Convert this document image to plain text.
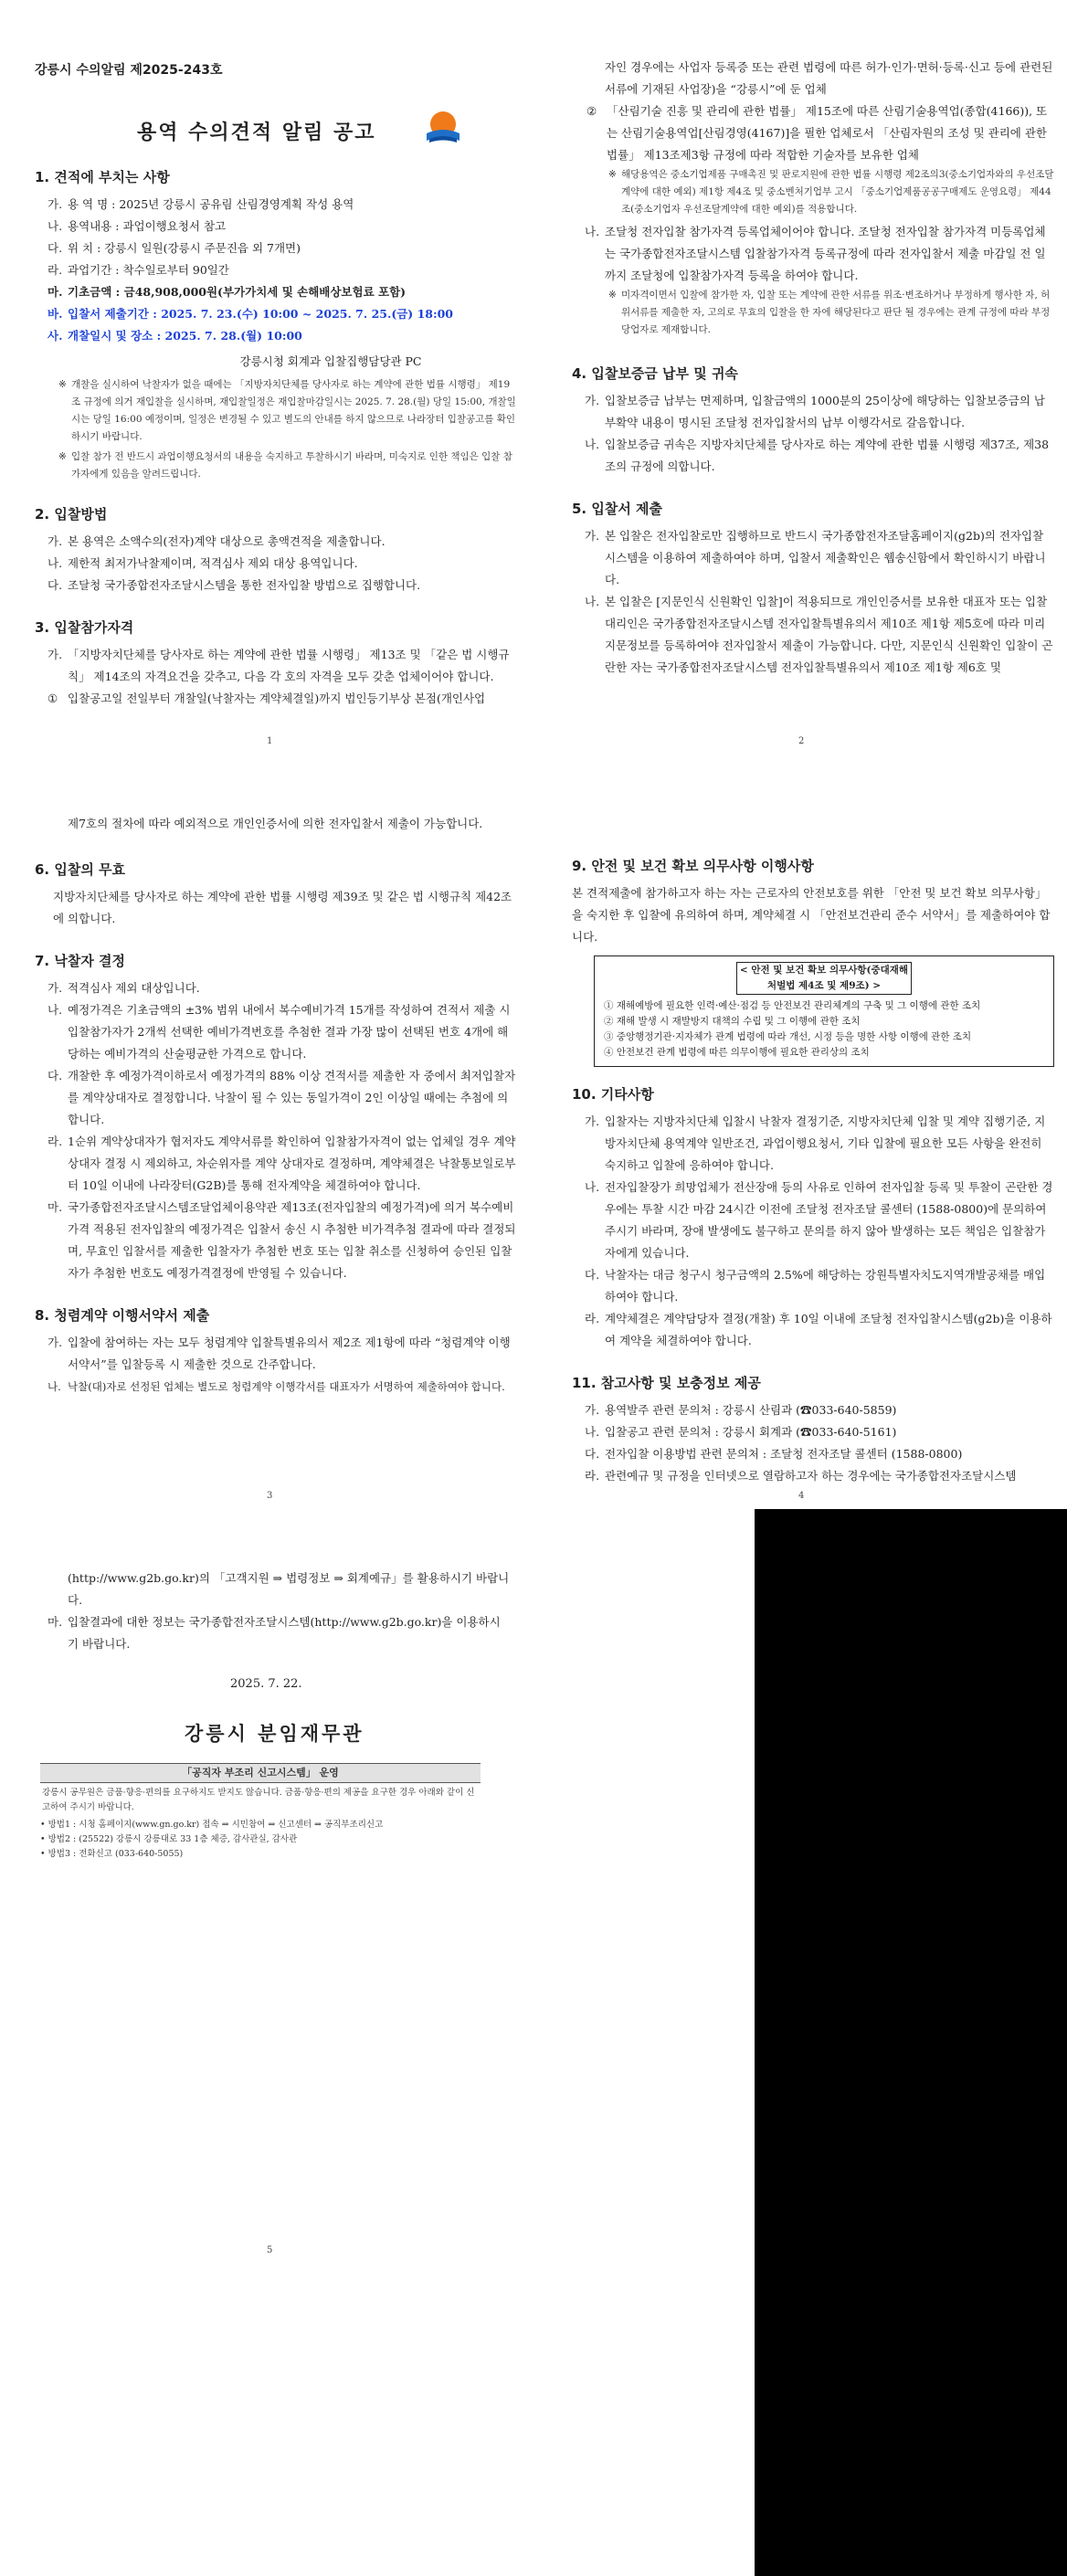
강릉시 수의알림 제2025-243호
용역 수의견적 알림 공고
1. 견적에 부치는 사항
가. 용 역 명 : 2025년 강릉시 공유림 산림경영계획 작성 용역
나. 용역내용 : 과업이행요청서 참고
다. 위 치 : 강릉시 일원(강릉시 주문진읍 외 7개면)
라. 과업기간 : 착수일로부터 90일간
마. 기초금액 : 금48,908,000원(부가가치세 및 손해배상보험료 포함)
바. 입찰서 제출기간 : 2025. 7. 23.(수) 10:00 ~ 2025. 7. 25.(금) 18:00
사. 개찰일시 및 장소 : 2025. 7. 28.(월) 10:00
강릉시청 회계과 입찰집행담당관 PC
※ 개찰을 실시하여 낙찰자가 없을 때에는 「지방자치단체를 당사자로 하는 계약에 관한 법률 시행령」 제19조 규정에 의거 재입찰을 실시하며, 재입찰일정은 재입찰마감일시는 2025. 7. 28.(월) 당일 15:00, 개찰일시는 당일 16:00 예정이며, 일정은 변경될 수 있고 별도의 안내를 하지 않으므로 나라장터 입찰공고를 확인하시기 바랍니다.
※ 입찰 참가 전 반드시 과업이행요청서의 내용을 숙지하고 투찰하시기 바라며, 미숙지로 인한 책임은 입찰 참가자에게 있음을 알려드립니다.
2. 입찰방법
가. 본 용역은 소액수의(전자)계약 대상으로 총액견적을 제출합니다.
나. 제한적 최저가낙찰제이며, 적격심사 제외 대상 용역입니다.
다. 조달청 국가종합전자조달시스템을 통한 전자입찰 방법으로 집행합니다.
3. 입찰참가자격
가. 「지방자치단체를 당사자로 하는 계약에 관한 법률 시행령」 제13조 및 「같은 법 시행규칙」 제14조의 자격요건을 갖추고, 다음 각 호의 자격을 모두 갖춘 업체이어야 합니다.
① 입찰공고일 전일부터 개찰일(낙찰자는 계약체결일)까지 법인등기부상 본점(개인사업
1
자인 경우에는 사업자 등록증 또는 관련 법령에 따른 허가·인가·면허·등록·신고 등에 관련된 서류에 기재된 사업장)을 “강릉시”에 둔 업체
② 「산림기술 진흥 및 관리에 관한 법률」 제15조에 따른 산림기술용역업(종합(4166)), 또는 산림기술용역업[산림경영(4167)]을 필한 업체로서 「산림자원의 조성 및 관리에 관한 법률」 제13조제3항 규정에 따라 적합한 기술자를 보유한 업체
※ 해당용역은 중소기업제품 구매촉진 및 판로지원에 관한 법률 시행령 제2조의3(중소기업자와의 우선조달계약에 대한 예외) 제1항 제4조 및 중소벤처기업부 고시 「중소기업제품공공구매제도 운영요령」 제44조(중소기업자 우선조달계약에 대한 예외)를 적용합니다.
나. 조달청 전자입찰 참가자격 등록업체이어야 합니다. 조달청 전자입찰 참가자격 미등록업체는 국가종합전자조달시스템 입찰참가자격 등록규정에 따라 전자입찰서 제출 마감일 전 일까지 조달청에 입찰참가자격 등록을 하여야 합니다.
※ 미자격이면서 입찰에 참가한 자, 입찰 또는 계약에 관한 서류를 위조·변조하거나 부정하게 행사한 자, 허위서류를 제출한 자, 고의로 무효의 입찰을 한 자에 해당된다고 판단 될 경우에는 관계 규정에 따라 부정당업자로 제재합니다.
4. 입찰보증금 납부 및 귀속
가. 입찰보증금 납부는 면제하며, 입찰금액의 1000분의 25이상에 해당하는 입찰보증금의 납부확약 내용이 명시된 조달청 전자입찰서의 납부 이행각서로 갈음합니다.
나. 입찰보증금 귀속은 지방자치단체를 당사자로 하는 계약에 관한 법률 시행령 제37조, 제38조의 규정에 의합니다.
5. 입찰서 제출
가. 본 입찰은 전자입찰로만 집행하므로 반드시 국가종합전자조달홈페이지(g2b)의 전자입찰 시스템을 이용하여 제출하여야 하며, 입찰서 제출확인은 웹송신함에서 확인하시기 바랍니다.
나. 본 입찰은 [지문인식 신원확인 입찰]이 적용되므로 개인인증서를 보유한 대표자 또는 입찰대리인은 국가종합전자조달시스템 전자입찰특별유의서 제10조 제1항 제5호에 따라 미리 지문정보를 등록하여야 전자입찰서 제출이 가능합니다. 다만, 지문인식 신원확인 입찰이 곤란한 자는 국가종합전자조달시스템 전자입찰특별유의서 제10조 제1항 제6호 및
2
제7호의 절차에 따라 예외적으로 개인인증서에 의한 전자입찰서 제출이 가능합니다.
6. 입찰의 무효
지방자치단체를 당사자로 하는 계약에 관한 법률 시행령 제39조 및 같은 법 시행규칙 제42조에 의합니다.
7. 낙찰자 결정
가. 적격심사 제외 대상입니다.
나. 예정가격은 기초금액의 ±3% 범위 내에서 복수예비가격 15개를 작성하여 견적서 제출 시 입찰참가자가 2개씩 선택한 예비가격번호를 추첨한 결과 가장 많이 선택된 번호 4개에 해당하는 예비가격의 산술평균한 가격으로 합니다.
다. 개찰한 후 예정가격이하로서 예정가격의 88% 이상 견적서를 제출한 자 중에서 최저입찰자를 계약상대자로 결정합니다. 낙찰이 될 수 있는 동일가격이 2인 이상일 때에는 추첨에 의합니다.
라. 1순위 계약상대자가 협저자도 계약서류를 확인하여 입찰참가자격이 없는 업체일 경우 계약 상대자 결정 시 제외하고, 차순위자를 계약 상대자로 결정하며, 계약체결은 낙찰통보일로부터 10일 이내에 나라장터(G2B)를 통해 전자계약을 체결하여야 합니다.
마. 국가종합전자조달시스템조달업체이용약관 제13조(전자입찰의 예정가격)에 의거 복수예비가격 적용된 전자입찰의 예정가격은 입찰서 송신 시 추첨한 비가격추첨 결과에 따라 결정되며, 무효인 입찰서를 제출한 입찰자가 추첨한 번호 또는 입찰 취소를 신청하여 승인된 입찰자가 추첨한 번호도 예정가격결정에 반영될 수 있습니다.
8. 청렴계약 이행서약서 제출
가. 입찰에 참여하는 자는 모두 청렴계약 입찰특별유의서 제2조 제1항에 따라 “청렴계약 이행서약서”를 입찰등록 시 제출한 것으로 간주합니다.
나. 낙찰(대)자로 선정된 업체는 별도로 청렴계약 이행각서를 대표자가 서명하여 제출하여야 합니다.
3
9. 안전 및 보건 확보 의무사항 이행사항
본 견적제출에 참가하고자 하는 자는 근로자의 안전보호를 위한 「안전 및 보건 확보 의무사항」을 숙지한 후 입찰에 유의하여 하며, 계약체결 시 「안전보건관리 준수 서약서」를 제출하여야 합니다.
< 안전 및 보건 확보 의무사항(중대재해처벌법 제4조 및 제9조) >
① 재해예방에 필요한 인력·예산·점검 등 안전보건 관리체계의 구축 및 그 이행에 관한 조치
② 재해 발생 시 재발방지 대책의 수립 및 그 이행에 관한 조치
③ 중앙행정기관·지자체가 관계 법령에 따라 개선, 시정 등을 명한 사항 이행에 관한 조치
④ 안전보건 관계 법령에 따른 의무이행에 필요한 관리상의 조치
10. 기타사항
가. 입찰자는 지방자치단체 입찰시 낙찰자 결정기준, 지방자치단체 입찰 및 계약 집행기준, 지방자치단체 용역계약 일반조건, 과업이행요청서, 기타 입찰에 필요한 모든 사항을 완전히 숙지하고 입찰에 응하여야 합니다.
나. 전자입찰장가 희망업체가 전산장애 등의 사유로 인하여 전자입찰 등록 및 투찰이 곤란한 경우에는 투찰 시간 마감 24시간 이전에 조달청 전자조달 콜센터 (1588-0800)에 문의하여 주시기 바라며, 장애 발생에도 불구하고 문의를 하지 않아 발생하는 모든 책임은 입찰참가자에게 있습니다.
다. 낙찰자는 대금 청구시 청구금액의 2.5%에 해당하는 강원특별자치도지역개발공채를 매입하여야 합니다.
라. 계약체결은 계약담당자 결정(개찰) 후 10일 이내에 조달청 전자입찰시스템(g2b)을 이용하여 계약을 체결하여야 합니다.
11. 참고사항 및 보충정보 제공
가. 용역발주 관련 문의처 : 강릉시 산림과 (☎033-640-5859)
나. 입찰공고 관련 문의처 : 강릉시 회계과 (☎033-640-5161)
다. 전자입찰 이용방법 관련 문의처 : 조달청 전자조달 콜센터 (1588-0800)
라. 관련예규 및 규정을 인터넷으로 열람하고자 하는 경우에는 국가종합전자조달시스템
4
(http://www.g2b.go.kr)의 「고객지원 ⇒ 법령정보 ⇒ 회계예규」를 활용하시기 바랍니다.
마. 입찰결과에 대한 정보는 국가종합전자조달시스템(http://www.g2b.go.kr)을 이용하시기 바랍니다.
2025. 7. 22.
강릉시 분임재무관
「공직자 부조리 신고시스템」 운영
강릉시 공무원은 금품·향응·편의를 요구하지도 받지도 않습니다. 금품·향응·편의 제공을 요구한 경우 아래와 같이 신고하여 주시기 바랍니다.
• 방법1 : 시청 홈페이지(www.gn.go.kr) 접속 ⇒ 시민참여 ⇒ 신고센터 ⇒ 공직부조리신고
• 방법2 : (25522) 강릉시 강릉대로 33 1층 체증, 감사관실, 감사관
• 방법3 : 전화신고 (033-640-5055)
5
